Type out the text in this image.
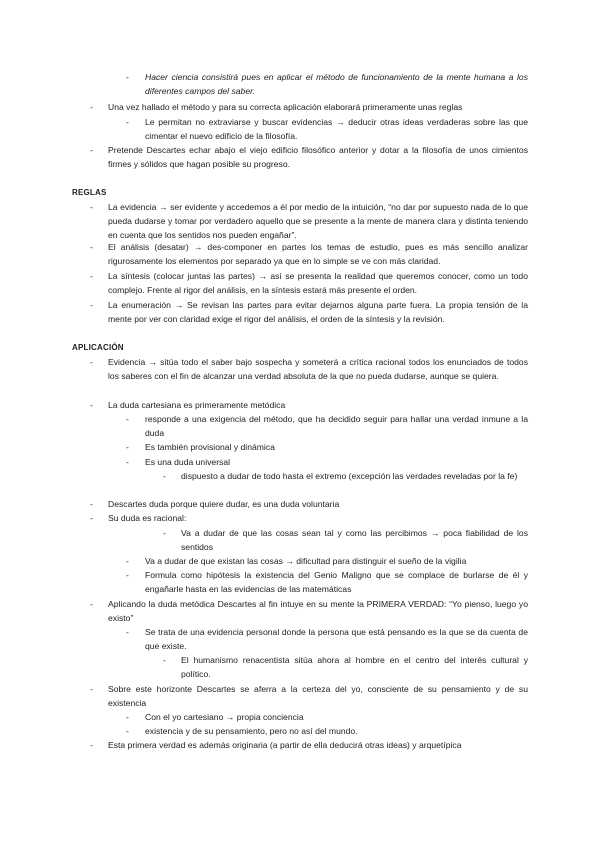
- Hacer ciencia consistirá pues en aplicar el método de funcionamiento de la mente humana a los diferentes campos del saber.
- Una vez hallado el método y para su correcta aplicación elaborará primeramente unas reglas
- Le permitan no extraviarse y buscar evidencias → deducir otras ideas verdaderas sobre las que cimentar el nuevo edificio de la filosofía.
- Pretende Descartes echar abajo el viejo edificio filosófico anterior y dotar a la filosofía de unos cimientos firmes y sólidos que hagan posible su progreso.
REGLAS
- La evidencia → ser evidente y accedemos a él por medio de la intuición, “no dar por supuesto nada de lo que pueda dudarse y tomar por verdadero aquello que se presente a la mente de manera clara y distinta teniendo en cuenta que los sentidos nos pueden engañar”.
- El análisis (desatar) → des-componer en partes los temas de estudio, pues es más sencillo analizar rigurosamente los elementos por separado ya que en lo simple se ve con más claridad.
- La síntesis (colocar juntas las partes) → así se presenta la realidad que queremos conocer, como un todo complejo. Frente al rigor del análisis, en la síntesis estará más presente el orden.
- La enumeración → Se revisan las partes para evitar dejarnos alguna parte fuera. La propia tensión de la mente por ver con claridad exige el rigor del análisis, el orden de la síntesis y la revisión.
APLICACIÓN
- Evidencia → sitúa todo el saber bajo sospecha y someterá a crítica racional todos los enunciados de todos los saberes con el fin de alcanzar una verdad absoluta de la que no pueda dudarse, aunque se quiera.
- La duda cartesiana es primeramente metódica
- responde a una exigencia del método, que ha decidido seguir para hallar una verdad inmune a la duda
- Es también provisional y dinámica
- Es una duda universal
- dispuesto a dudar de todo hasta el extremo (excepción las verdades reveladas por la fe)
- Descartes duda porque quiere dudar, es una duda voluntaria
- Su duda es racional:
- Va a dudar de que las cosas sean tal y como las percibimos → poca fiabilidad de los sentidos
- Va a dudar de que existan las cosas → dificultad para distinguir el sueño de la vigilia
- Formula como hipótesis la existencia del Genio Maligno que se complace de burlarse de él y engañarle hasta en las evidencias de las matemáticas
- Aplicando la duda metódica Descartes al fin intuye en su mente la PRIMERA VERDAD: “Yo pienso, luego yo existo”
- Se trata de una evidencia personal donde la persona que está pensando es la que se da cuenta de que existe.
- El humanismo renacentista sitúa ahora al hombre en el centro del interés cultural y político.
- Sobre este horizonte Descartes se aferra a la certeza del yo, consciente de su pensamiento y de su existencia
- Con el yo cartesiano → propia conciencia
- existencia y de su pensamiento, pero no así del mundo.
- Esta primera verdad es además originaria (a partir de ella deducirá otras ideas) y arquetípica
